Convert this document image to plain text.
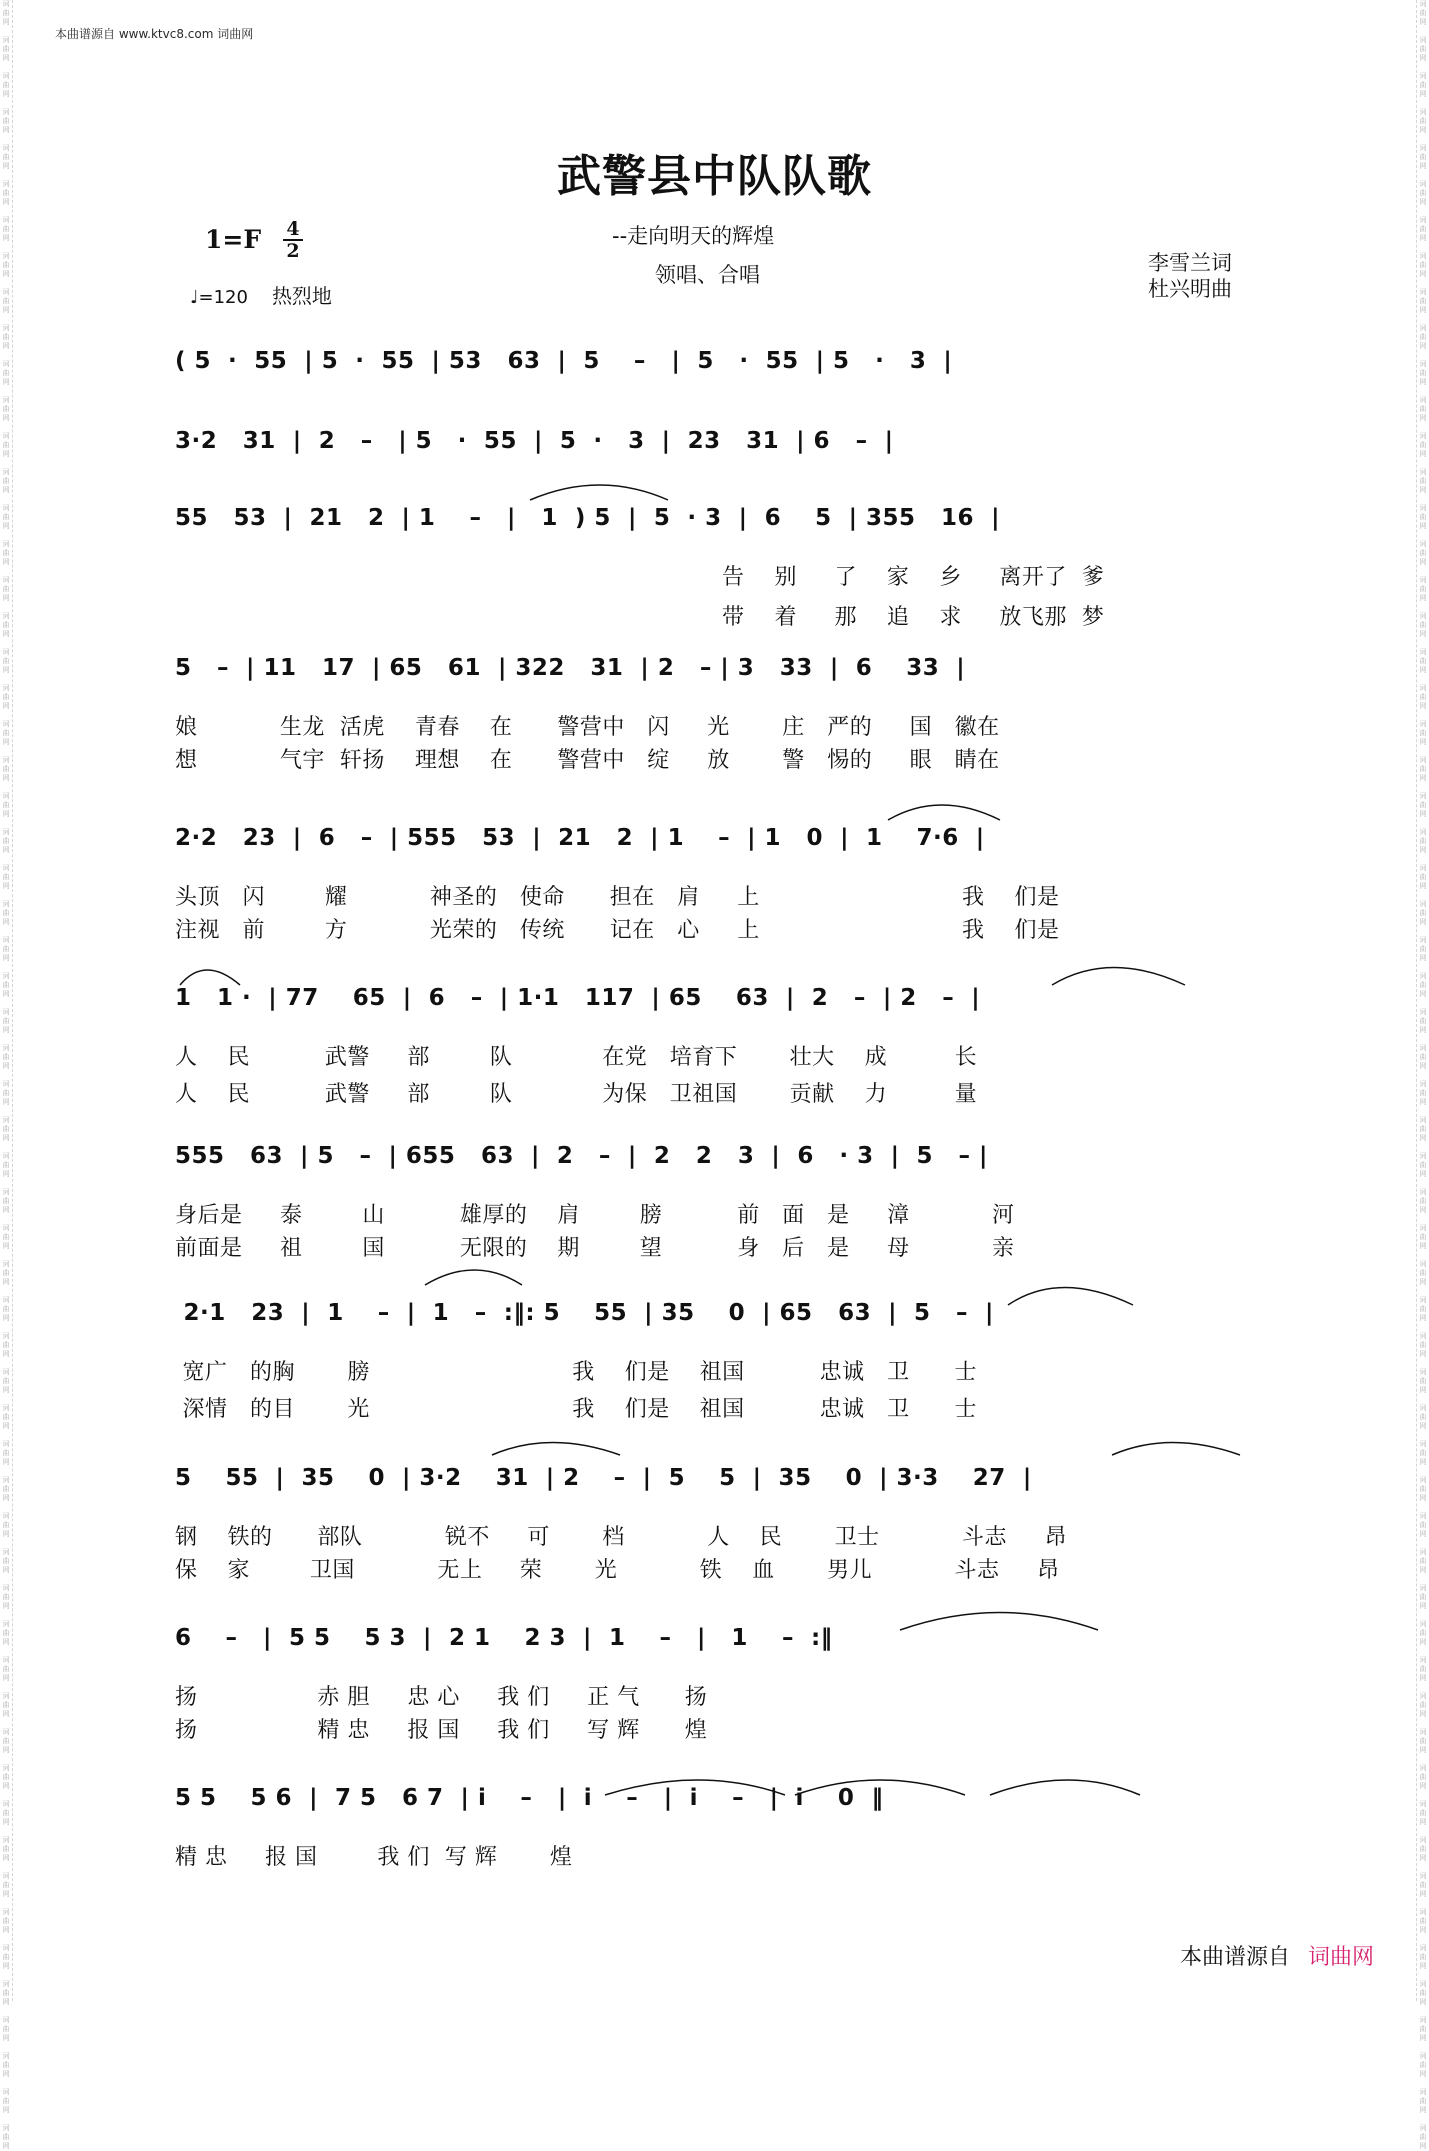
词
曲
网

词
曲
网

词
曲
网

词
曲
网

词
曲
网

词
曲
网

词
曲
网

词
曲
网

词
曲
网

词
曲
网

词
曲
网

词
曲
网

词
曲
网

词
曲
网

词
曲
网

词
曲
网

词
曲
网

词
曲
网

词
曲
网

词
曲
网

词
曲
网

词
曲
网

词
曲
网

词
曲
网

词
曲
网

词
曲
网

词
曲
网

词
曲
网

词
曲
网

词
曲
网

词
曲
网

词
曲
网

词
曲
网

词
曲
网

词
曲
网

词
曲
网

词
曲
网

词
曲
网

词
曲
网

词
曲
网

词
曲
网

词
曲
网

词
曲
网

词
曲
网

词
曲
网

词
曲
网

词
曲
网

词
曲
网

词
曲
网

词
曲
网

词
曲
网

词
曲
网

词
曲
网

词
曲
网

词
曲
网

词
曲
网

词
曲
网

词
曲
网

词
曲
网

词
曲
网

词
曲
网

词
曲
网

词
曲
网

词
曲
网

词
曲
网

词
曲
网

词
曲
网

词
曲
网

词
曲
网

词
曲
网

词
曲
网

词
曲
网

词
曲
网

词
曲
网

词
曲
网

词
曲
网

词
曲
网

词
曲
网

词
曲
网

词
曲
网

词
曲
网

词
曲
网

词
曲
网

词
曲
网

词
曲
网

词
曲
网

词
曲
网

词
曲
网

词
曲
网

词
曲
网

词
曲
网

词
曲
网

词
曲
网

词
曲
网

词
曲
网

词
曲
网

词
曲
网

词
曲
网

词
曲
网

词
曲
网

词
曲
网

词
曲
网

词
曲
网

词
曲
网

词
曲
网

词
曲
网

词
曲
网

词
曲
网

词
曲
网

词
曲
网

词
曲
网

词
曲
网

词
曲
网

词
曲
网

词
曲
网

词
曲
网

词
曲
网

词
曲
网

词
曲
网

词
曲
网

本曲谱源自 www.ktvc8.com 词曲网
武警县中队队歌
1=F 4
2
♩=120 热烈地
--走向明天的辉煌
领唱、合唱	李雪兰词
杜兴明曲
( 5  ·  55  | 5  ·  55  | 53   63  |  5    –   |  5   ·  55  | 5   ·   3  |
3·2   31  |  2   –   | 5   ·  55  |  5  ·   3  |  23   31  | 6   –  |
55   53  |  21   2  | 1    –   |   1  ) 5  |  5  · 3  |  6    5  | 355   16  |
告    别     了    家    乡     离开了  爹
带    着     那    追    求     放飞那  梦
5   –  | 11   17  | 65   61  | 322   31  | 2   – | 3   33  |  6    33  |
娘           生龙  活虎    青春    在      警营中   闪     光       庄   严的     国   徽在
想           气宇  轩扬    理想    在      警营中   绽     放       警   惕的     眼   睛在
2·2   23  |  6   –  | 555   53  |  21   2  | 1    –  | 1   0  |  1    7·6  |
头顶   闪        耀           神圣的   使命      担在   肩     上                           我    们是
注视   前        方           光荣的   传统      记在   心     上                           我    们是
1   1 ·  | 77    65  |  6   –  | 1·1   117  | 65    63  |  2   –  | 2   –  |
人    民          武警     部        队            在党   培育下       壮大    成         长
人    民          武警     部        队            为保   卫祖国       贡献    力         量
555   63  | 5   –  | 655   63  |  2   –  |  2   2   3  |  6   · 3  |  5   – |
身后是     泰        山          雄厚的    肩        膀          前   面   是     漳           河
前面是     祖        国          无限的    期        望          身   后   是     母           亲
2·1   23  |  1    –  |  1   –  :‖: 5    55  | 35    0  | 65   63  |  5   –  |
宽广   的胸       膀                           我    们是    祖国          忠诚   卫      士
深情   的目       光                           我    们是    祖国          忠诚   卫      士
5    55  |  35    0  | 3·2    31  | 2    –  |  5    5  |  35    0  | 3·3    27  |
钢    铁的      部队           锐不     可       档           人    民       卫士           斗志     昂
保    家        卫国           无上     荣       光           铁    血       男儿           斗志     昂
6    –   |  5 5    5 3  |  2 1    2 3  |  1    –   |   1    –  :‖
扬                赤 胆     忠 心     我 们     正 气      扬
扬                精 忠     报 国     我 们     写 辉      煌
5 5    5 6  |  7 5   6 7  | i    –   |  i    –   |  i    –   |  i    0  ‖
精 忠     报 国        我 们  写 辉       煌
本曲谱源自 词曲网
